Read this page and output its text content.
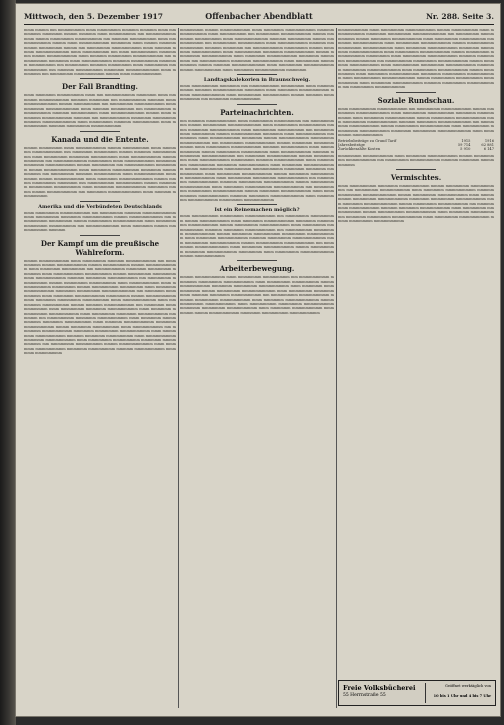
Mittwoch, den 5. Dezember 1917	Offenbacher Abendblatt	Nr. 288. Seite 3.
mmm mmmm mm mmmmmmmm mmm mmmmmmm mmmmm mmmmm mmm mmmmmmm mmmmmm mmmm mmmmm mmm mmmmmmmm mm mmmmmmmmm mmm mmmm mmmmmmm mmmmmmmm mm mmmmm mmmmmmmm mmm mmmmmmmmmm mmmm mmm mmmmmmmmm mmmmmm mmm mmmm mmmmmmmmm mmmmmmm mmmm mm mmmmmmm mmmmmmmmm mmm mmmmm mmmm mmmmmmmmmm mmm mmmmmmmm mm mmm mmmmmmmm mmmmmmm mmmm mmmmmmmmm mmm mmmmm mmmmmmm mmmmmmmmm mm mmmmmmmm mmmmmm mmm mmmmmmmmm mmmmm mmmmmmmm mmmmmm mmmmmmmm mm mmmmmmm mmmmm mmmmmmm mmm mmmmmmm mmmmmmmmm mm mmmmm mmmmmmmm mmmmmm mmmmmmmmmm mmm mmmmmm mm mmmmmmm mmmmmmmmm mmmm mmm mmmmmmmmm
Der Fall Brandting.
mmm mmmmmm mmmmmmmm mmm mm mmmmmmmmm mmmmmm mmm mmmmmm mmmmmmmmm mmmmm mmmmmm mm mmmmmmmm mmmmm mmm mmmmmmmmmm mmmm mmmmmmmm mm mmmmmmm mmmmmmmmm mmm mmmmmm mmmmmmmmmm mmm mmmmm mmmmmmm mm mmmmmmmm mmmmmmmmm mmmmm mmmmmmmm mmm mmmmmmmmmm mmmm mmm mmmmmm mmmmmmmmm mmmmm mm mmmmmmmmm mmmmmm mmmmmmm mmmmm mmmmmmmmmm mmm mmmmmmm mmmmm mmmmmmmm mmm mmmmmmmm mmmmm mmmmmmm mmmmmmmmm
Kanada und die Entente.
mmmm mmmmmmm mmm mmmmmmmmm mmmm mmmmmmmm mmm mmmmmm mmmmmmmmm mm mmmmmm mmmmmmm mmmm mmmmm mmmmmmmmm mmm mmmmmmm mmmmmm mmmmmmmm mmm mmmmmmmmm mmmm mmmmmm mm mmmmmmmmmm mmmmmmm mmm mmmmmmmmm mmmmmm mmmmmm mmmmmmmmm mmmm mmmmmmm mm mmmmmmmmm mmmmmmm mmmm mmmmmmmmmm mmm mmmmmm mmmmmmmm mmmmmm mmmmmmmmm mm mmmmmmm mmmmm mmmmmmmm mmm mmmmmmmmm mmmmmmm mmmm mmmmmmmmm mmm mmmmmm mmmmmmmmmm mmmm mmmm mmmmmmm mmmmmm mm mmmmmmmm mmmmmmmm mmmm mmmmmm mmmmmmm mmmmmmmm mmm mmmmmm mmmmmmmmm mmmmmm mmmm mmmm mmmmmmmmm mm mmmmmm mmmmmmmmmm mmm mmmmm mmmmmmmm
Amerika und die Verbündeten Deutschlands
mmm mmmmmmm mmmmmmmmm mm mmmmmmm mmmmm mmmmmmmmmm mmm mmmmmmm mmmmmm mmmmmmmmm mmmm mmmmmmmmmm mm mmmmmmmm mmmmmmm mmmm mmmmmmm mmmmmmmmm mmm mmmmmm mmmmmmm mmmmmmmm mm mmmmmmmmmm mmm mmmmmm mmmm mmmmmmmmm mmmmm
Der Kampf um die preußische Wahlreform.
mmmm mmmmmmmmm mmm mmmmmmm mmmmm mmmmmmmmm mm mmmmmmmm mmmm mmmmmmmmm mmmm mmmmmmmm mmmm mmmmmmmmmm mmm mmmmmm mmmmmmm mm mmmmmmmmm mmmmmm mmmmmmm mmmmmm mmm mmmmmmmmm mmmmmmmm mmmm mmmmmmm mmmmmmm mmm mmmmmmmmm mmmmm mmmmmm mmmmmmmmm mm mmmmmmm mmmmmmmm mmmm mmmmmmm mmmmmmmm mmm mmmmmmmmm mmm mmmmmmmmm mmmmmmm mmmm mmmmmmmm mmmmmmm mmm mmmmmm mmmmmmmmm mmmmmm mmmmmmm mmmmmmmmmm mm mmmmmm mmmmmmmm mmm mmmmmm mmmmmmmmm mmmmmmm mmmm mmmmmmmmm mmm mmmmmm mmmmmmm mmmmmmmm mmm mmmmmmmmmm mmm mmmmmmm mmmmmmmm mmmm mmmmm mmmmmmmmm mm mmmmmm mmmmmmmmmm mmm mmmmmmm mmmmmm mmmmmmmmm mmm mmmmmm mmmmmmmm mmmmmmmmm mmm mmmmmmm mmmmmm mmmmmmmmm mmmmmm mm mmmmmmmm mmmmmm mmmmmmmmm mmm mmmmmm mmmmmmmmm mmmmmm mmmmmmmm mmm mmmmm mmmmmmmmm mmmmmm mmmmmmmmm mmmm mmmmmm mmmmmmmm mmm mmmmmmmmm mm mmmmmm mmmmmmmmm mmmmmm mmmmmmm mmmmmmmmm mmm mmmmmmm mmmmmmmmm mmmmm mmmmmm mmmmmmmm mmm mmmmmmmmm mmmmmm mmmmmmmmm mmm mmmmmmm mmmmmmmm mmmmmm mmmmmmmmm mm mmmmmmm mmmmmmmm mmmm mmmmmmmmmm mmm mmmmmm mmmmmmmmm mmmmmm mmmmmmmm mmmmm mmmmmmmmm mmmmmm mmmmmmmm
mmmmmmm mmmm mmmmmmmmm mmm mmmmmm mmmmmmmmm mmmmm mmmmmmmm mmm mmmmmmmm mm mmmmmmm mmmmmmmmm mmmm mmmmmm mmmmmmmm mmm mmmmmmmmmm mmmmm mmmmmmm mmmm mmmmmmmmm mm mmmmmmm mmmmmmmm mmm mmmmmmmmm mmmmm mmmmmmmmm mmmmm mmmmmm mm mmmmmmmmm mmmmmmm mmmm mmmmmm mmmmmmmmm mmm mmmmmmmm mmmmmm mmmmmmmmm mmmm mmmmmmm mmmmmmmmm mmm mmmmmm mmmmmmmmm mmmmmm mmmmmmm mm mmmmmmmmm mmmmmm mmmmmmmmm mmm mmmmmmm mmmmmmmmm mmmm mmmmm mmmmmmmmmm mmm mmmmmmm mmmmmmmmm mmmm mmmmmmmm mmm mmmmmm mmmmmmmmm mmmmmm
Landtagskalekorien in Braunschweig.
mmm mmmmmmmm mmmmmm mm mmmmmmmmm mmmmmmm mmm mmmmmmmmm mmmmm mmmmmmmmm mmmmmm mmm mmmmmm mmmmmmmmm mmmm mmmmmmmmmm mmm mmmmmmm mmmmmmmm mmmm mmmmm mmmmmmmmm mm mmmmmm mmmmmmmmm
Parteinachrichten.
mm mmmmm mmmmmmmmm mmm mmmmmmm mmmmmmmm mm mmmmmmmmm mmmm mmmmmmm mmmmmmmmmm mmm mmmmmmm mmmmmmmm mmmm mmmmmm mmmmmmmmm mmm mmmmmmm mmmmmmmm mm mmmmmmmmm mmmmmmm mmmm mmmmmmmmm mmmmmm mmm mmmmmmmmm mmmmmmm mmm mmmmmmmmm mmmmmm mmmm mmmmmmmmm mmmmmmm mmmmmmmmm mm mmmmmmm mmmmmmmmm mmmm mmmmmm mmmmmmmmmm mmm mmmmmmm mmmmmmmmm mmmmm mmmmmmmm mmm mmmmmmmmmm mmmm mmmmmmm mmmmmmmm mmm mmmmmmmmm mmmmm mmmmmmm mmmmmmmmmm mm mmmmmm mmmmmmmmm mmmm mmmmmmmm mmm mmmmmmmmm mmmmmmm mmmmm mmmmmmmmm mmm mmmmmmm mmmmmmmm mmmmmm mmmmmmmmm mmm mmmmmm mmmmmmmmmm mmmm mmmmmmm mmmmmmmm mmmmmmmmm mmmmmm mmmmmm mmmmmmmmm mmm mmmmmmm mmmmmmmmm mmmm mmmmmm mmmmmmmm mmmmmmmmm mmm mmmmmmm mmmmmmm mmmmmmmmm mm mmmmmmm mmmmmmmmm mmmmm mmmmmmm mmmmmmmmm mmmm mmmmmmm mmmmmmmmm mmm mmmmmm mmmmmmmm mmmmmmmmm mm mmmmmmmm mmmmmmm mmmmmmmmm mmmm mmmmmm mmmmmmmmm mmm mmmmmmmm mmmmmmmmm mmmmm mmmmmm mmmmmmmmmm mmm mmmmmmm mmmmmmmmm mmmmmmm mmmmmmmmm
Ist ein Reinemachen möglich?
mmm mmmmmmmm mmmmmmm mmmmmmmmm mm mmmmmmm mmmmmmmm mmmm mmmmmmmmm mmm mmmmmm mmmmmmmmm mmmmmm mmmmmmm mmmmmmmmm mmmm mmmmmmm mmmmmmmmm mmm mmmmmmm mmmmmmmmm mmmmm mmmmmm mmmmmmmmm mm mmmmmmmm mmmmmmm mmmmmmmmm mmmm mmmmmm mmmmmmmm mmmmmmm mmmmmmmmm mmm mmmmmm mmmmmmmmm mmmmm mmmmmmm mmmmmmmmmm mmm mmmmmmm mmmmmmmmm mmmm mmmmmmmm mmmmmmmmm mm mmmmmmm mmmmmmmmmm mmm mmmmmm mmmmmmmmm mmmm mmmmmmmm mmmmmm mmmmmmmmm mmmmmmm mmm mmmmmmm mmmmmmmmmm mmmm mmmmmmmmm
Arbeiterbewegung.
mmmm mmmmmmmmm mmm mmmmmmm mmmmmmmm mm mmmmmmmmm mmmmmm mmmmmmm mmmmmmmmm mmm mmmmmmm mmmmmmmm mmmm mmmmmmmmm mmmmmm mmmmmmm mmmmmmmmm mmm mmmmmm mmmmmmmmm mmmm mmmmmmm mmmmmmmmmm mmm mmmmmmm mmmmmmmmm mmmmm mmmmmm mmmmmmmmm mm mmmmmmmm mmmmmmmmm mmmmm mmmmmmm mmmmmmmmm mmm mmmmmm mmmmmmmmmm mmmm mmmmmmm mmmmmmmmm mmm mmmmmmmm mmmmmmm mmmmmmmmm mmmmmm mmmmmmm mmmmmmmmm mmm mmmmmm mmmmmmmmm mmmmmmm mmmm mmmmmmmmm mmmmmm mmmmmmmm mmmmmmmmm
mmmmmmmmm mmm mmmmmmm mmmmmmmmm mmmm mmmmmmmm mmm mmmmmmmmm mmmmmm mmmmmmm mmmmmmmmmm mm mmmmmmm mmmmmmmmm mmmm mmmmmm mmmmmmmmm mmm mmmmmmm mmmmmmmm mmmmmm mmmmmmmmm mmm mmmmmmm mmmmmmmmm mmmm mmmmmmmm mmmmmmm mmmmmmmmm mmm mmmmmm mmmmmmmmm mmmmmm mmmmmmm mmmmmmmmmm mmm mmmmmmm mmmmmmmmm mmmm mmmmmmm mmmmmmmmm mmmmmmm mmm mmmmmmm mmmmmmmmm mmmmm mmmmmmm mmmmmmmmm mm mmmmmmmm mmmmmmm mmmmmmmmm mmmm mmmmmm mmmmmmmmm mmm mmmmmmmm mmmmmmm mmmmmmmmm mmmmmm mmmmmmm mmmmmmmmmm mmm mmmmmmm mmmmmmmmm mmmm mmmmmmmm mmm mmmmmm mmmmmmmmm mmmmmm mmmmmmm mmmmmmmmm mmm mmmmmmmm mmmmmmmmmm mmmm mmmmmmm mmmmmmmm mmmmmmmmm mmm mmmmmm mmmmmmmmm mmmmm mmmmmmm mmmmmmmmm mm mmmmmmm mmmmmmmmm
Soziale Rundschau.
mmm mmmmmmmm mmmmmmmmm mm mmmmmmm mmmmmmmmm mmmm mmmmmmm mmmmmmmmmm mmm mmmmmmm mmmmmmmm mmmmmm mmmmmmmmm mmm mmmmmm mmmmmmmmm mmmm mmmmmmm mmmmmmmmm mmm mmmmmmm mmmmmmmmm mmmmm mmmmmm mmmmmmmmmm mm mmmmmmm mmmmmmmmm mmmm mmmmmmm mmmmmmmmm mmm mmmmmmmm mmmmmmm mmmmmmmmm mmmmmm mmmmmmm mmmmmmmmmm mmm mmmmmmm mmmmmmmmm
Betriebsbeiträge zu Grund Tarif	1915	1916
Jahresbeiträge	59 714	62 881
Zurückbezahlte Kosten	5 910	6 147
mmmmmmm mmmmmmmmm mmm mmmmmm mmmmmmmmm mmmm mmmmmmmm mmmmmmmmm mm mmmmmmm mmmmmmmmm mmmmm mmmmmm mmmmmmmmm
Vermischtes.
mmm mmmmmmmm mmmmmm mmmmmmmmm mmmm mmmmmmm mmmmmmmmm mm mmmmmmm mmmmmmmmm mmm mmmmmm mmmmmmmmm mmmmm mmmmmmm mmmmmmmmmm mmmm mmmmmmm mmmmmmmmm mmm mmmmmmmm mmmmmmm mmmmmmmmm mmmmmm mmmmmmm mmmmmmmmm mmm mmmmmm mmmmmmmmmm mmmm mmmmmmm mmmmmmmmm mm mmmmmmmm mmmmmmmmm mmmmm mmmmmm mmmmmmmmm mmm mmmmmmm mmmmmmmmm mmmm mmmmmmmm mmmmmmmmm mmm mmmmmm mmmmmmmmm mmmmmm mmmmmmm mmmmmmmmm mmm mmmmmmm mmmmmmmmm mmmm mmmmmmm mmmmmmmmm
Freie Volksbücherei
55 Herrnstraße 55
Geöffnet werktäglich von
10 bis 1 Uhr und 4 bis 7 Uhr
